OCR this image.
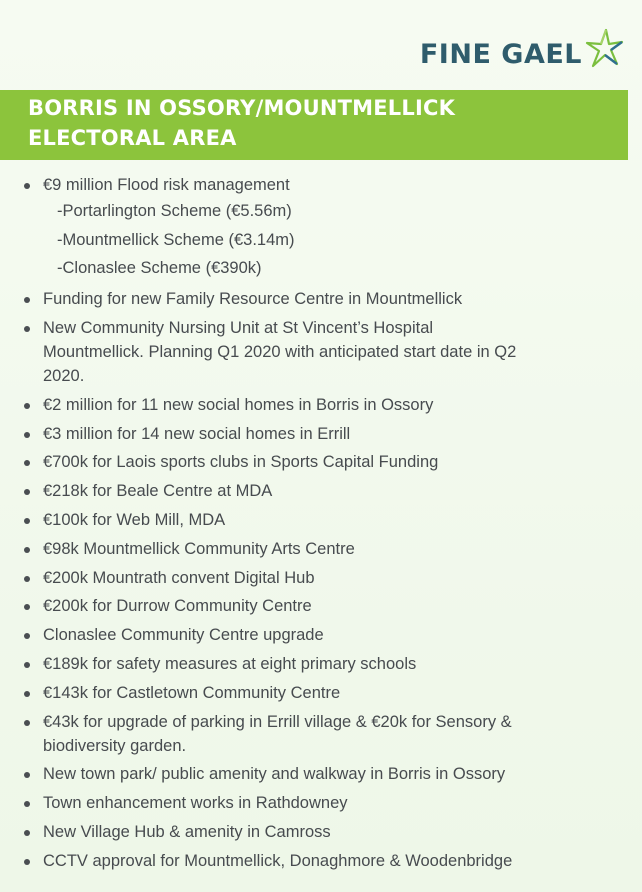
FINE GAEL
BORRIS IN OSSORY/MOUNTMELLICK
ELECTORAL AREA
€9 million Flood risk management
-Portarlington Scheme (€5.56m)
-Mountmellick Scheme (€3.14m)
-Clonaslee Scheme (€390k)
Funding for new Family Resource Centre in Mountmellick
New Community Nursing Unit at St Vincent’s Hospital
Mountmellick. Planning Q1 2020 with anticipated start date in Q2
2020.
€2 million for 11 new social homes in Borris in Ossory
€3 million for 14 new social homes in Errill
€700k for Laois sports clubs in Sports Capital Funding
€218k for Beale Centre at MDA
€100k for Web Mill, MDA
€98k Mountmellick Community Arts Centre
€200k Mountrath convent Digital Hub
€200k for Durrow Community Centre
Clonaslee Community Centre upgrade
€189k for safety measures at eight primary schools
€143k for Castletown Community Centre
€43k for upgrade of parking in Errill village & €20k for Sensory &
biodiversity garden.
New town park/ public amenity and walkway in Borris in Ossory
Town enhancement works in Rathdowney
New Village Hub & amenity in Camross
CCTV approval for Mountmellick, Donaghmore & Woodenbridge
